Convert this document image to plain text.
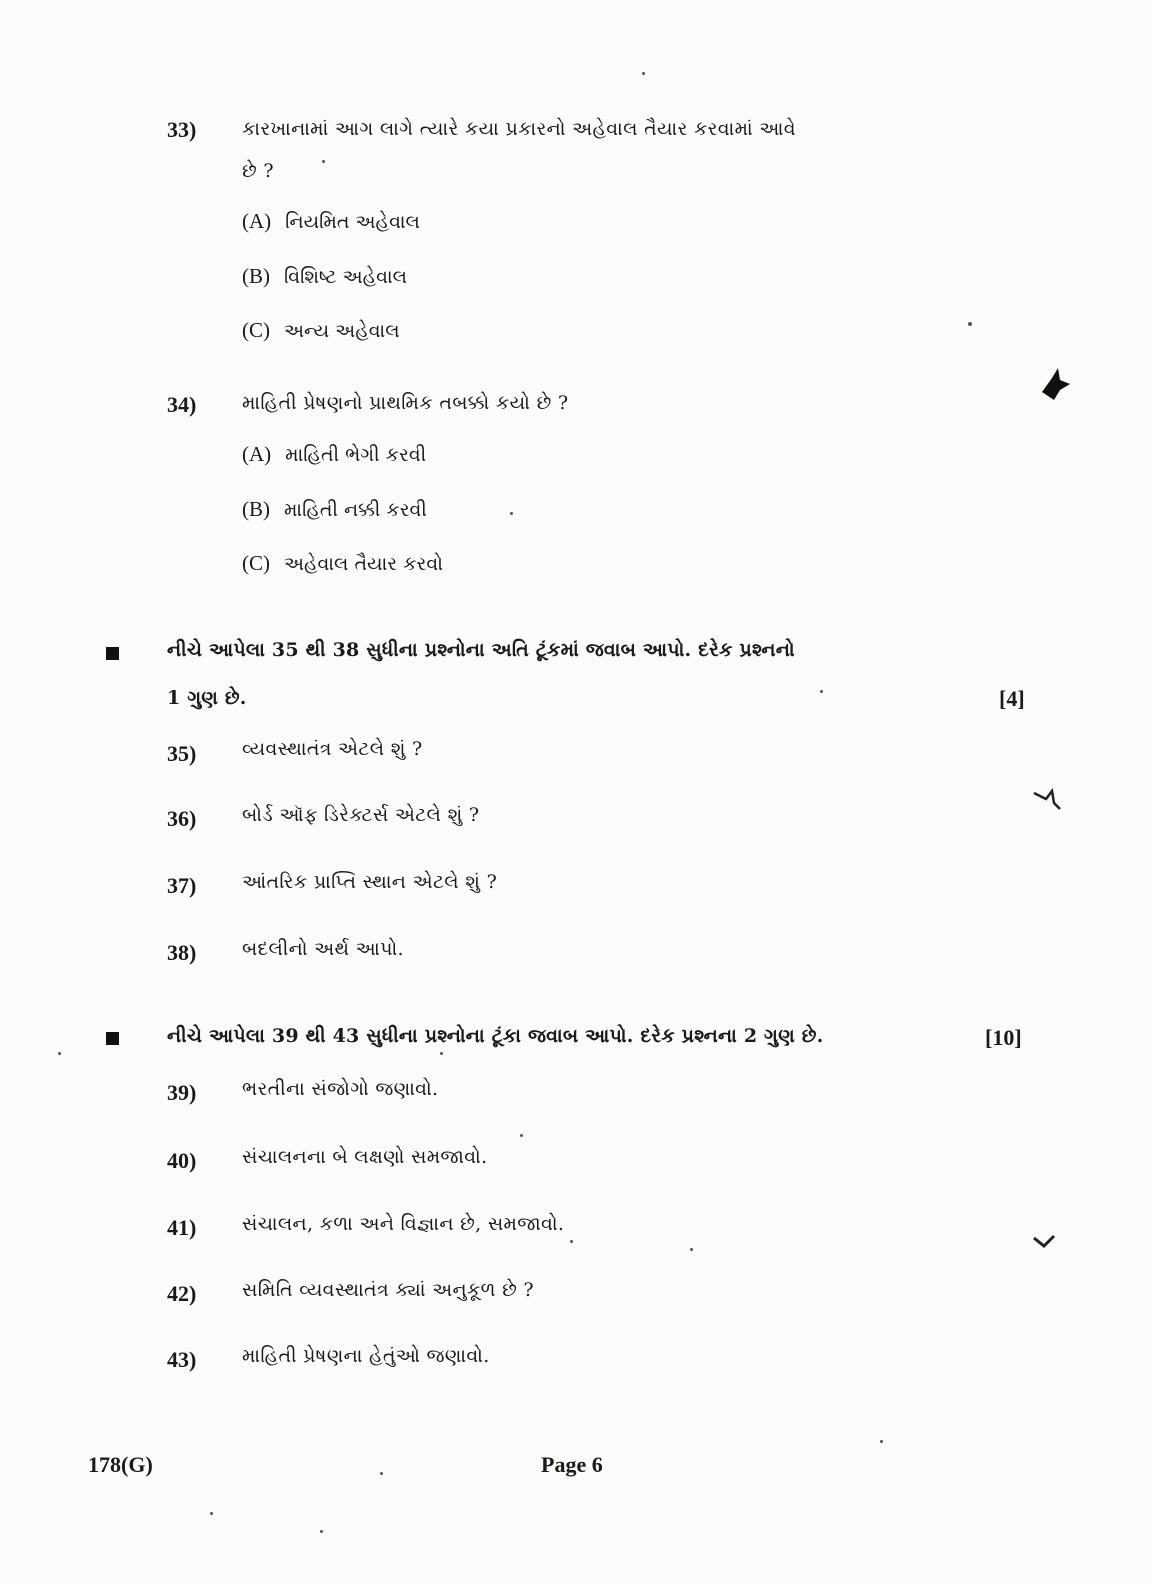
33)	કારખાનામાં આગ લાગે ત્યારે કયા પ્રકારનો અહેવાલ તૈયાર કરવામાં આવે
છે ?
(A) નિયમિત અહેવાલ
(B) વિશિષ્ટ અહેવાલ
(C) અન્ય અહેવાલ
34)	માહિતી પ્રેષણનો પ્રાથમિક તબક્કો કયો છે ?
(A) માહિતી ભેગી કરવી
(B) માહિતી નક્કી કરવી
(C) અહેવાલ તૈયાર કરવો
નીચે આપેલા 35 થી 38 સુધીના પ્રશ્નોના અતિ ટૂંકમાં જવાબ આપો. દરેક પ્રશ્નનો
1 ગુણ છે.	[4]
35)	વ્યવસ્થાતંત્ર એટલે શું ?
36)	બોર્ડ ઑફ ડિરેક્ટર્સ એટલે શું ?
37)	આંતરિક પ્રાપ્તિ સ્થાન એટલે શું ?
38)	બદલીનો અર્થ આપો.
નીચે આપેલા 39 થી 43 સુધીના પ્રશ્નોના ટૂંકા જવાબ આપો. દરેક પ્રશ્નના 2 ગુણ છે.	[10]
39)	ભરતીના સંજોગો જણાવો.
40)	સંચાલનના બે લક્ષણો સમજાવો.
41)	સંચાલન, કળા અને વિજ્ઞાન છે, સમજાવો.
42)	સમિતિ વ્યવસ્થાતંત્ર ક્યાં અનુકૂળ છે ?
43)	માહિતી પ્રેષણના હેતુંઓ જણાવો.
178(G)	Page 6
